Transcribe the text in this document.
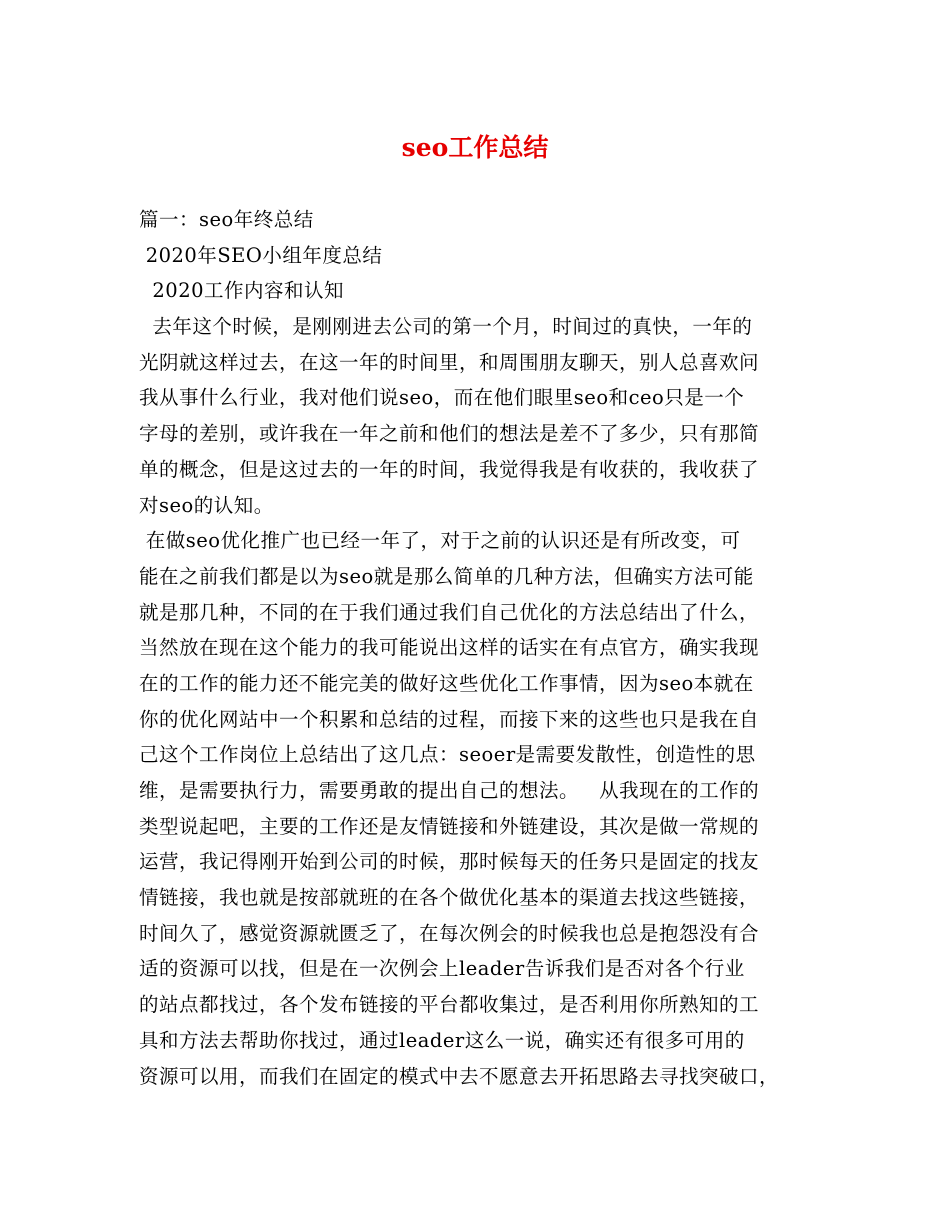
seo工作总结
篇一：seo年终总结
2020年SEO小组年度总结
2020工作内容和认知
去年这个时候，是刚刚进去公司的第一个月，时间过的真快，一年的
光阴就这样过去，在这一年的时间里，和周围朋友聊天，别人总喜欢问
我从事什么行业，我对他们说seo，而在他们眼里seo和ceo只是一个
字母的差别，或许我在一年之前和他们的想法是差不了多少，只有那简
单的概念，但是这过去的一年的时间，我觉得我是有收获的，我收获了
对seo的认知。
在做seo优化推广也已经一年了，对于之前的认识还是有所改变，可
能在之前我们都是以为seo就是那么简单的几种方法，但确实方法可能
就是那几种，不同的在于我们通过我们自己优化的方法总结出了什么，
当然放在现在这个能力的我可能说出这样的话实在有点官方，确实我现
在的工作的能力还不能完美的做好这些优化工作事情，因为seo本就在
你的优化网站中一个积累和总结的过程，而接下来的这些也只是我在自
己这个工作岗位上总结出了这几点：seoer是需要发散性，创造性的思
维，是需要执行力，需要勇敢的提出自己的想法。   从我现在的工作的
类型说起吧，主要的工作还是友情链接和外链建设，其次是做一常规的
运营，我记得刚开始到公司的时候，那时候每天的任务只是固定的找友
情链接，我也就是按部就班的在各个做优化基本的渠道去找这些链接，
时间久了，感觉资源就匮乏了，在每次例会的时候我也总是抱怨没有合
适的资源可以找，但是在一次例会上leader告诉我们是否对各个行业
的站点都找过，各个发布链接的平台都收集过，是否利用你所熟知的工
具和方法去帮助你找过，通过leader这么一说，确实还有很多可用的
资源可以用，而我们在固定的模式中去不愿意去开拓思路去寻找突破口，
